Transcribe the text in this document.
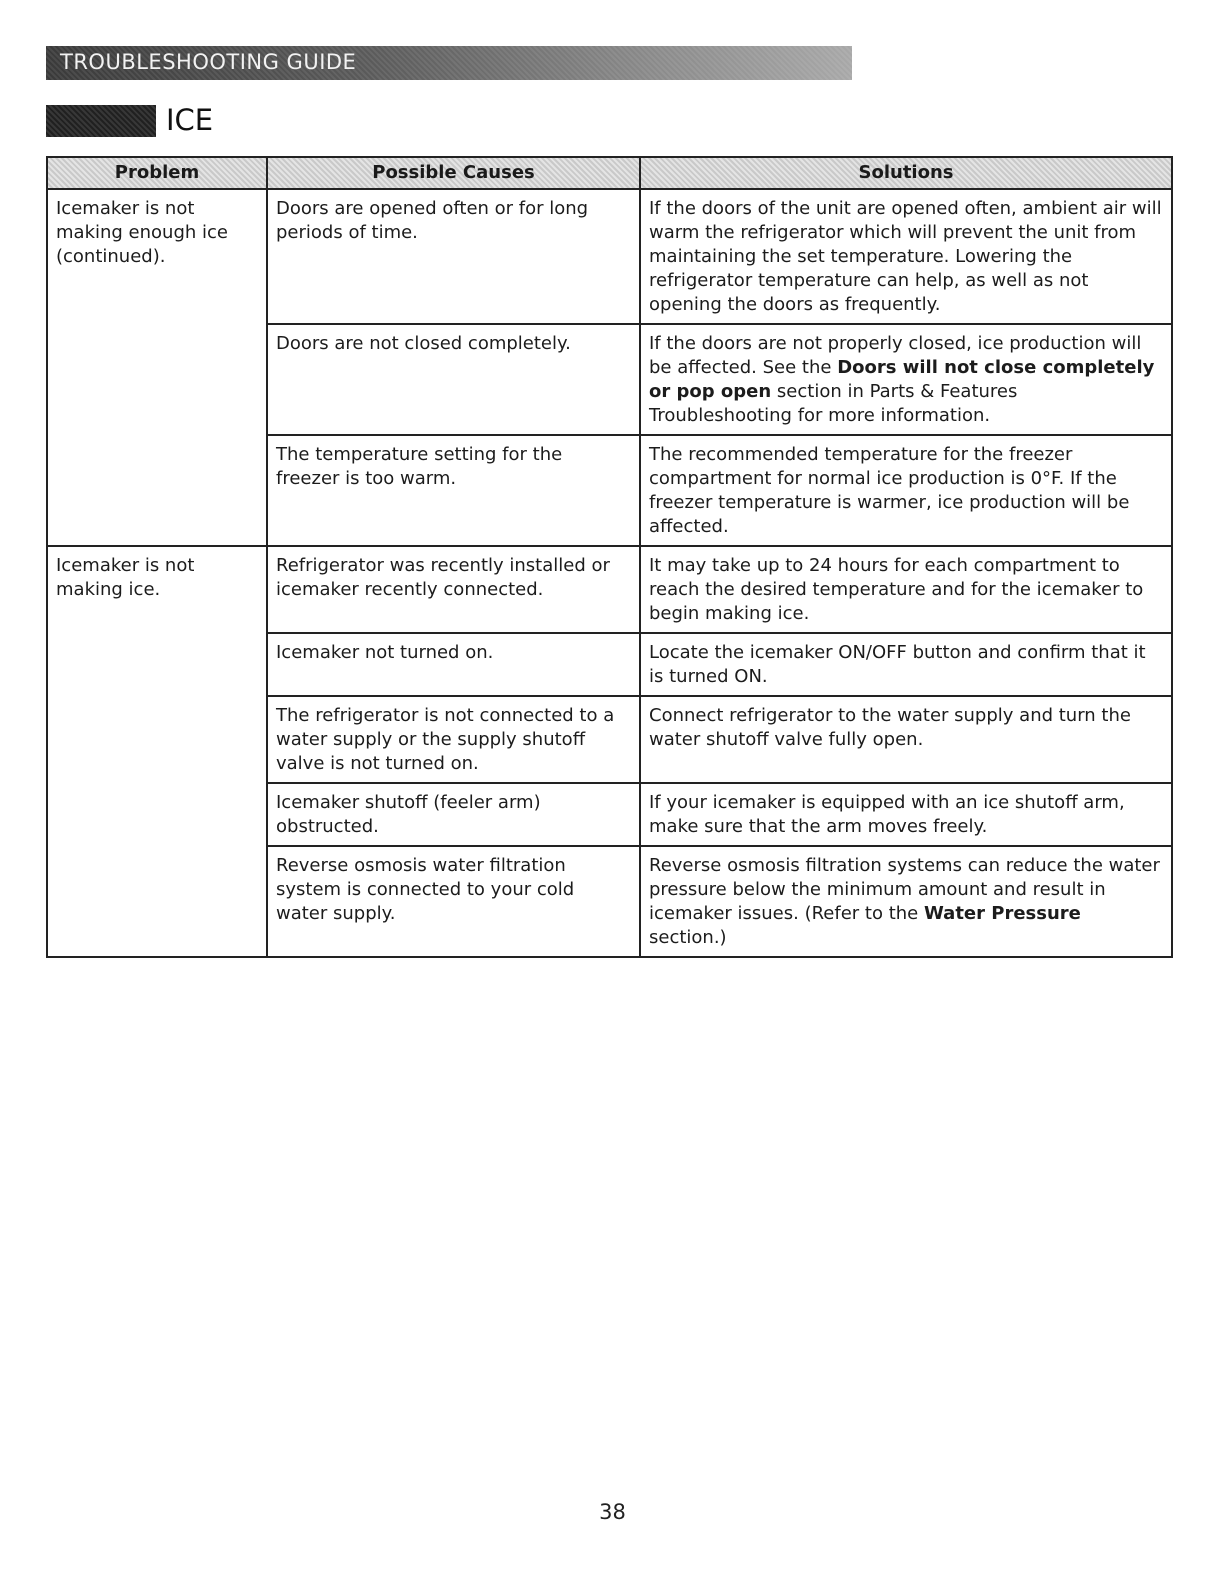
TROUBLESHOOTING GUIDE
ICE
Problem	Possible Causes	Solutions
Icemaker is not making enough ice (continued).	Doors are opened often or for long periods of time.	If the doors of the unit are opened often, ambient air will warm the refrigerator which will prevent the unit from maintaining the set temperature. Lowering the refrigerator temperature can help, as well as not opening the doors as frequently.
	Doors are not closed completely.	If the doors are not properly closed, ice production will be affected. See the Doors will not close completely or pop open section in Parts & Features Troubleshooting for more information.
	The temperature setting for the freezer is too warm.	The recommended temperature for the freezer compartment for normal ice production is 0°F. If the freezer temperature is warmer, ice production will be affected.
Icemaker is not making ice.	Refrigerator was recently installed or icemaker recently connected.	It may take up to 24 hours for each compartment to reach the desired temperature and for the icemaker to begin making ice.
	Icemaker not turned on.	Locate the icemaker ON/OFF button and confirm that it is turned ON.
	The refrigerator is not connected to a water supply or the supply shutoff valve is not turned on.	Connect refrigerator to the water supply and turn the water shutoff valve fully open.
	Icemaker shutoff (feeler arm) obstructed.	If your icemaker is equipped with an ice shutoff arm, make sure that the arm moves freely.
	Reverse osmosis water filtration system is connected to your cold water supply.	Reverse osmosis filtration systems can reduce the water pressure below the minimum amount and result in icemaker issues. (Refer to the Water Pressure section.)
38
